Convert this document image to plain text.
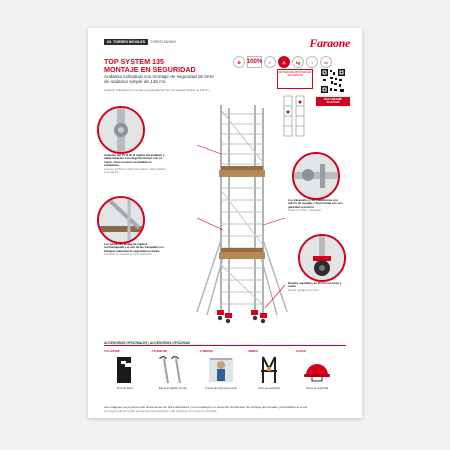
03. TORRES MÓVILES	TORRE135/1600	Faraone
TOP SYSTEM 135
MONTAJE EN SEGURIDAD
Andamio individual con montaje de seguridad de torre de andamio simple de 135 cm.
Andamio individual con montaje en seguridad de torre de andamio simple de 135 cm.
⚙	100%	✓	⚠	kg	↕	▭
SISTEMA DE MONTAJE EN SEGURIDAD
ESCANÉAME
SCAN ME
Aumento del 75 % de la rigidez del andamio y doble duración a la carga del tiempo con su nuevo union en acero inoxidable en soldaduras.
Aumento del 75% de rigidez del andamio y doble duración de la vida útil.
Los pilares de fuelaje de madera contrachapada y el uso de las trampillas con bisagras aumentan la seguridad en altura.
Trampillas con bisagras de cierre automático.
Los travesaños y las plataformas son únicos de montaje y desmontaje con sus garantías a presión.
Fáciles de montar y desmontar.
Ruedas regulables de 20 cm con freno y rueda.
Ruedas regulables con freno.
ACCESORIOS OPCIONALES | ACCESORIOS OPCIONAIS
TS-LASTRE
Peso de lastre
TS-ANCOR
Barras de fijación (2 uds.)
C-MONTA
Cuerda de izaje para montar
ARNES
Arnés de seguridad
CASCO
Casco de seguridad
Las imágenes se proporcionan únicamente con fines ilustrativos y no constituyen un elemento contractual. Se entrega premontado, para facilitar el envío.
As imagens são fornecidas apenas para fins ilustrativos e não constituem um elemento contratual.
